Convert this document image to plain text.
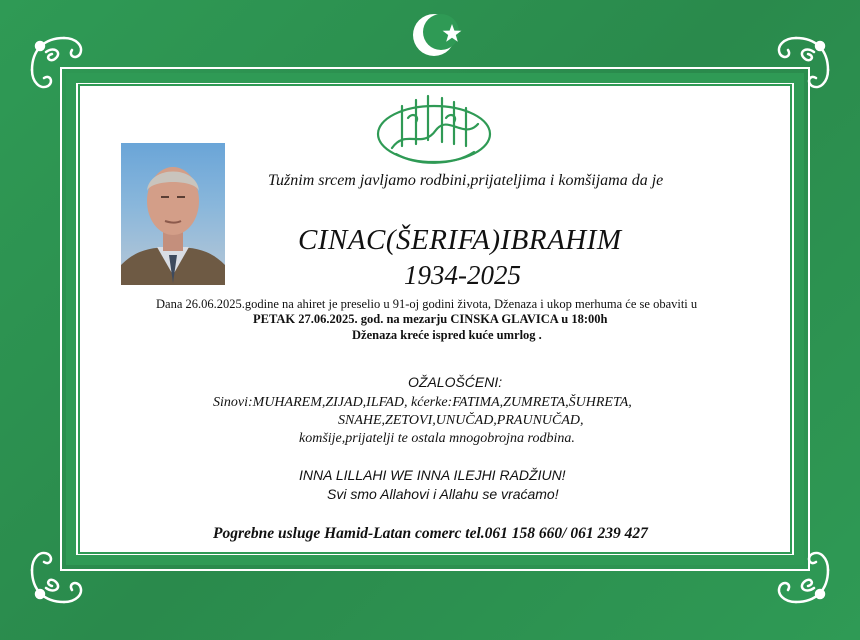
Tužnim srcem javljamo rodbini,prijateljima i komšijama da je
CINAC(ŠERIFA)IBRAHIM
1934-2025
Dana 26.06.2025.godine na ahiret je preselio u 91-oj godini života, Dženaza i ukop merhuma će se obaviti u
PETAK 27.06.2025. god. na mezarju CINSKA GLAVICA u 18:00h
Dženaza kreće ispred kuće umrlog .
OŽALOŠĆENI:
Sinovi:MUHAREM,ZIJAD,ILFAD, kćerke:FATIMA,ZUMRETA,ŠUHRETA,
SNAHE,ZETOVI,UNUČAD,PRAUNUČAD,
komšije,prijatelji te ostala mnogobrojna rodbina.
INNA LILLAHI WE INNA ILEJHI RADŽIUN!
Svi smo Allahovi i Allahu se vraćamo!
Pogrebne usluge Hamid-Latan comerc tel.061 158 660/ 061 239 427
